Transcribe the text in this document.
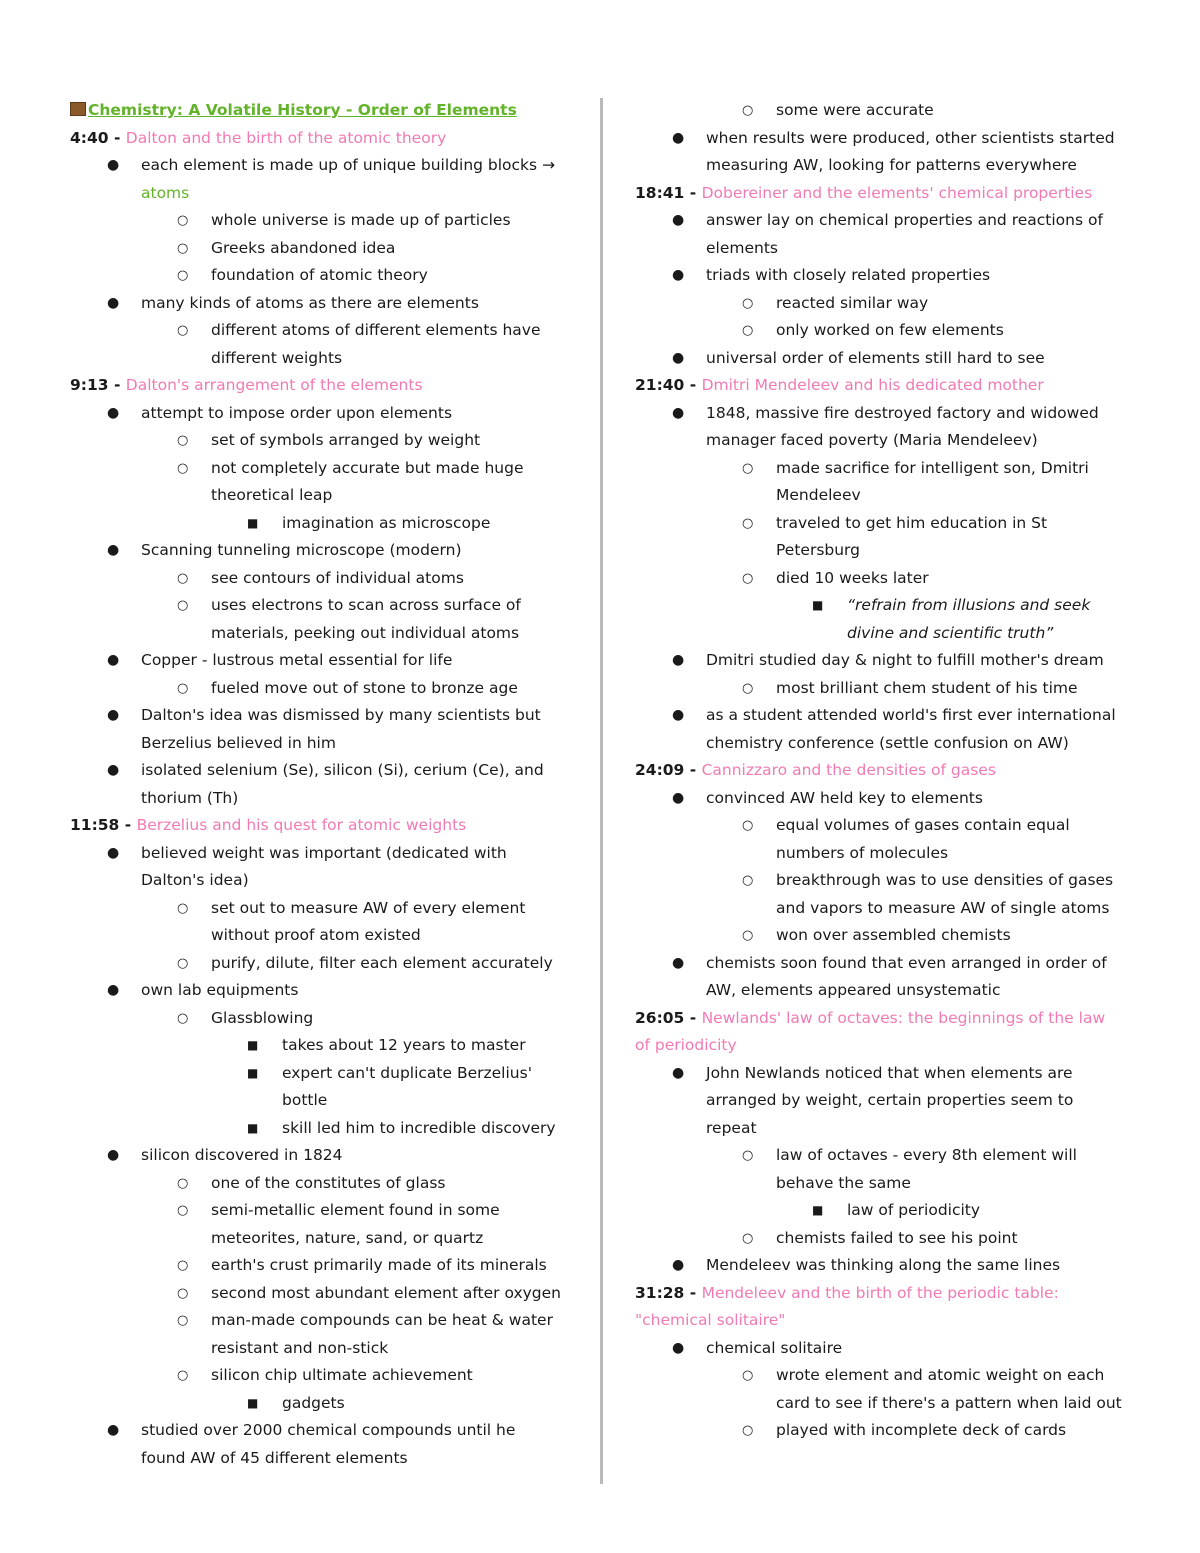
Chemistry: A Volatile History - Order of Elements
4:40 - Dalton and the birth of the atomic theory
● each element is made up of unique building blocks →
atoms
○ whole universe is made up of particles
○ Greeks abandoned idea
○ foundation of atomic theory
● many kinds of atoms as there are elements
○ different atoms of different elements have
different weights
9:13 - Dalton's arrangement of the elements
● attempt to impose order upon elements
○ set of symbols arranged by weight
○ not completely accurate but made huge
theoretical leap
■ imagination as microscope
● Scanning tunneling microscope (modern)
○ see contours of individual atoms
○ uses electrons to scan across surface of
materials, peeking out individual atoms
● Copper - lustrous metal essential for life
○ fueled move out of stone to bronze age
● Dalton's idea was dismissed by many scientists but
Berzelius believed in him
● isolated selenium (Se), silicon (Si), cerium (Ce), and
thorium (Th)
11:58 - Berzelius and his quest for atomic weights
● believed weight was important (dedicated with
Dalton's idea)
○ set out to measure AW of every element
without proof atom existed
○ purify, dilute, filter each element accurately
● own lab equipments
○ Glassblowing
■ takes about 12 years to master
■ expert can't duplicate Berzelius'
bottle
■ skill led him to incredible discovery
● silicon discovered in 1824
○ one of the constitutes of glass
○ semi-metallic element found in some
meteorites, nature, sand, or quartz
○ earth's crust primarily made of its minerals
○ second most abundant element after oxygen
○ man-made compounds can be heat & water
resistant and non-stick
○ silicon chip ultimate achievement
■ gadgets
● studied over 2000 chemical compounds until he
found AW of 45 different elements
○ some were accurate
● when results were produced, other scientists started
measuring AW, looking for patterns everywhere
18:41 - Dobereiner and the elements' chemical properties
● answer lay on chemical properties and reactions of
elements
● triads with closely related properties
○ reacted similar way
○ only worked on few elements
● universal order of elements still hard to see
21:40 - Dmitri Mendeleev and his dedicated mother
● 1848, massive fire destroyed factory and widowed
manager faced poverty (Maria Mendeleev)
○ made sacrifice for intelligent son, Dmitri
Mendeleev
○ traveled to get him education in St
Petersburg
○ died 10 weeks later
■ “refrain from illusions and seek
divine and scientific truth”
● Dmitri studied day & night to fulfill mother's dream
○ most brilliant chem student of his time
● as a student attended world's first ever international
chemistry conference (settle confusion on AW)
24:09 - Cannizzaro and the densities of gases
● convinced AW held key to elements
○ equal volumes of gases contain equal
numbers of molecules
○ breakthrough was to use densities of gases
and vapors to measure AW of single atoms
○ won over assembled chemists
● chemists soon found that even arranged in order of
AW, elements appeared unsystematic
26:05 - Newlands' law of octaves: the beginnings of the law
of periodicity
● John Newlands noticed that when elements are
arranged by weight, certain properties seem to
repeat
○ law of octaves - every 8th element will
behave the same
■ law of periodicity
○ chemists failed to see his point
● Mendeleev was thinking along the same lines
31:28 - Mendeleev and the birth of the periodic table:
"chemical solitaire"
● chemical solitaire
○ wrote element and atomic weight on each
card to see if there's a pattern when laid out
○ played with incomplete deck of cards
